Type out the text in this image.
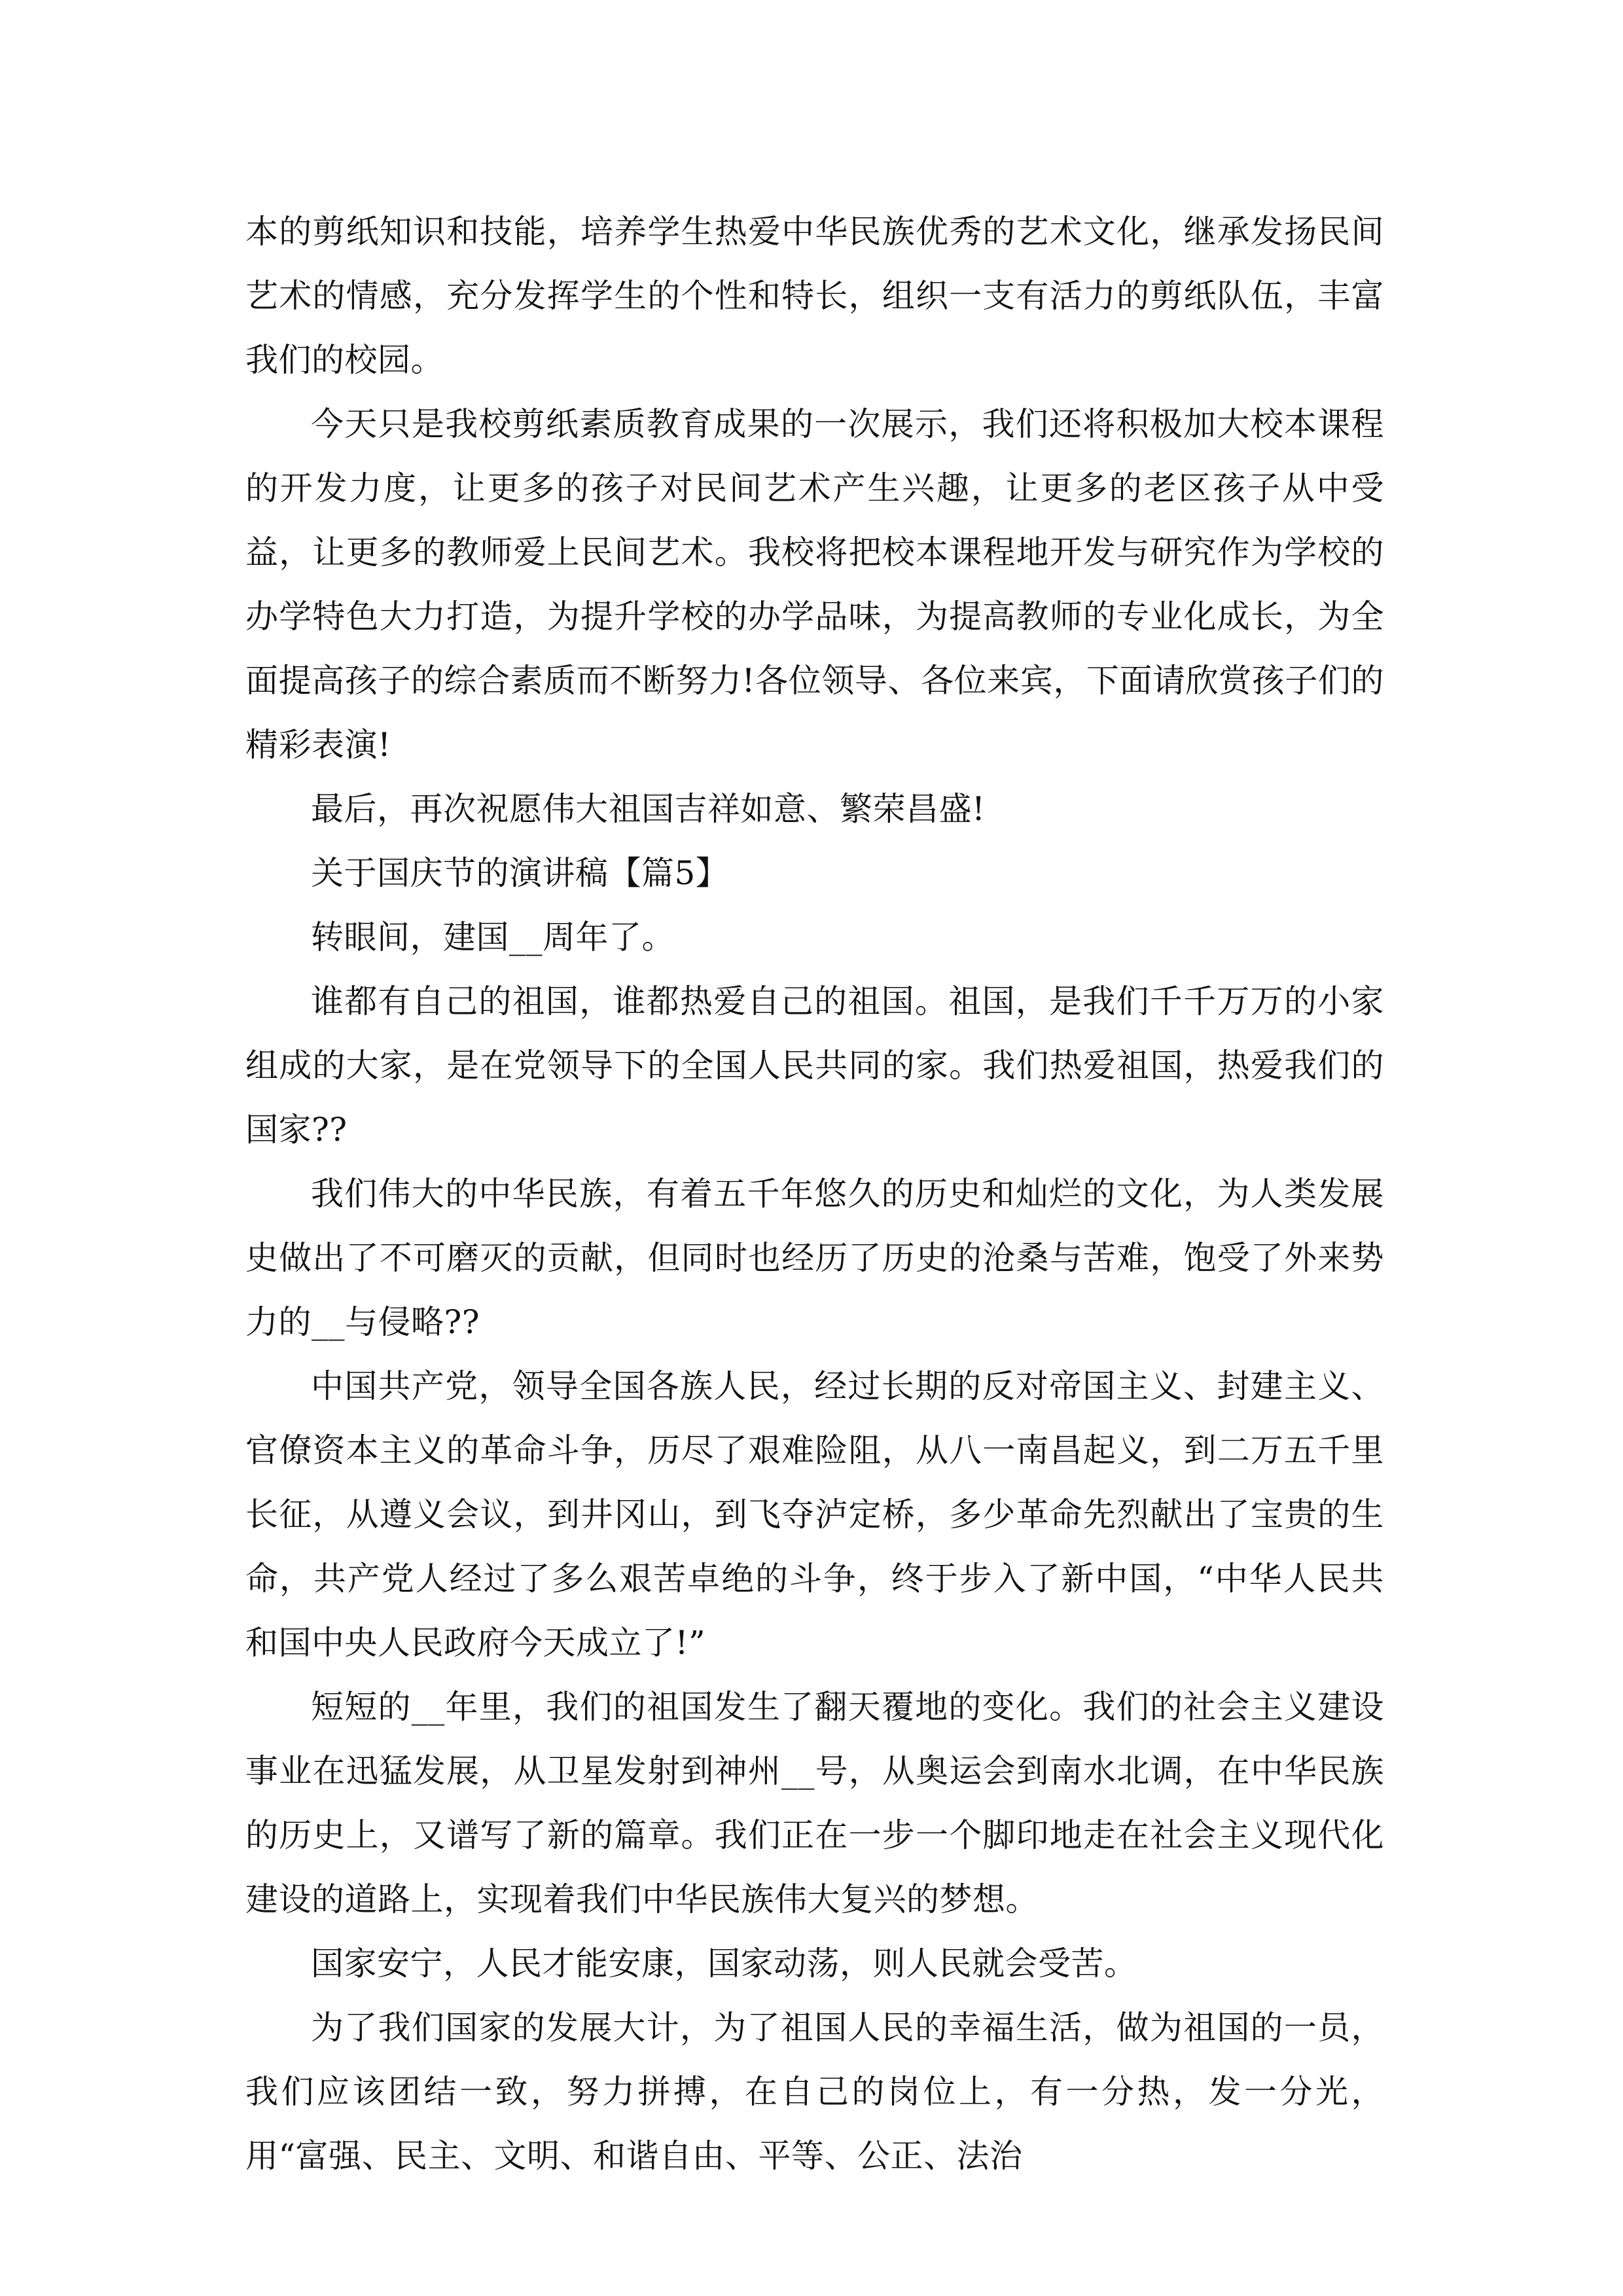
本的剪纸知识和技能，培养学生热爱中华民族优秀的艺术文化，继承发扬民间艺术的情感，充分发挥学生的个性和特长，组织一支有活力的剪纸队伍，丰富我们的校园。

今天只是我校剪纸素质教育成果的一次展示，我们还将积极加大校本课程的开发力度，让更多的孩子对民间艺术产生兴趣，让更多的老区孩子从中受益，让更多的教师爱上民间艺术。我校将把校本课程地开发与研究作为学校的办学特色大力打造，为提升学校的办学品味，为提高教师的专业化成长，为全面提高孩子的综合素质而不断努力!各位领导、各位来宾，下面请欣赏孩子们的精彩表演!

最后，再次祝愿伟大祖国吉祥如意、繁荣昌盛!

关于国庆节的演讲稿【篇5】

转眼间，建国__周年了。

谁都有自己的祖国，谁都热爱自己的祖国。祖国，是我们千千万万的小家组成的大家，是在党领导下的全国人民共同的家。我们热爱祖国，热爱我们的国家??

我们伟大的中华民族，有着五千年悠久的历史和灿烂的文化，为人类发展史做出了不可磨灭的贡献，但同时也经历了历史的沧桑与苦难，饱受了外来势力的__与侵略??

中国共产党，领导全国各族人民，经过长期的反对帝国主义、封建主义、官僚资本主义的革命斗争，历尽了艰难险阻，从八一南昌起义，到二万五千里长征，从遵义会议，到井冈山，到飞夺泸定桥，多少革命先烈献出了宝贵的生命，共产党人经过了多么艰苦卓绝的斗争，终于步入了新中国，“中华人民共和国中央人民政府今天成立了!”

短短的__年里，我们的祖国发生了翻天覆地的变化。我们的社会主义建设事业在迅猛发展，从卫星发射到神州__号，从奥运会到南水北调，在中华民族的历史上，又谱写了新的篇章。我们正在一步一个脚印地走在社会主义现代化建设的道路上，实现着我们中华民族伟大复兴的梦想。

国家安宁，人民才能安康，国家动荡，则人民就会受苦。

为了我们国家的发展大计，为了祖国人民的幸福生活，做为祖国的一员，我们应该团结一致，努力拼搏，在自己的岗位上，有一分热，发一分光，用“富强、民主、文明、和谐自由、平等、公正、法治
